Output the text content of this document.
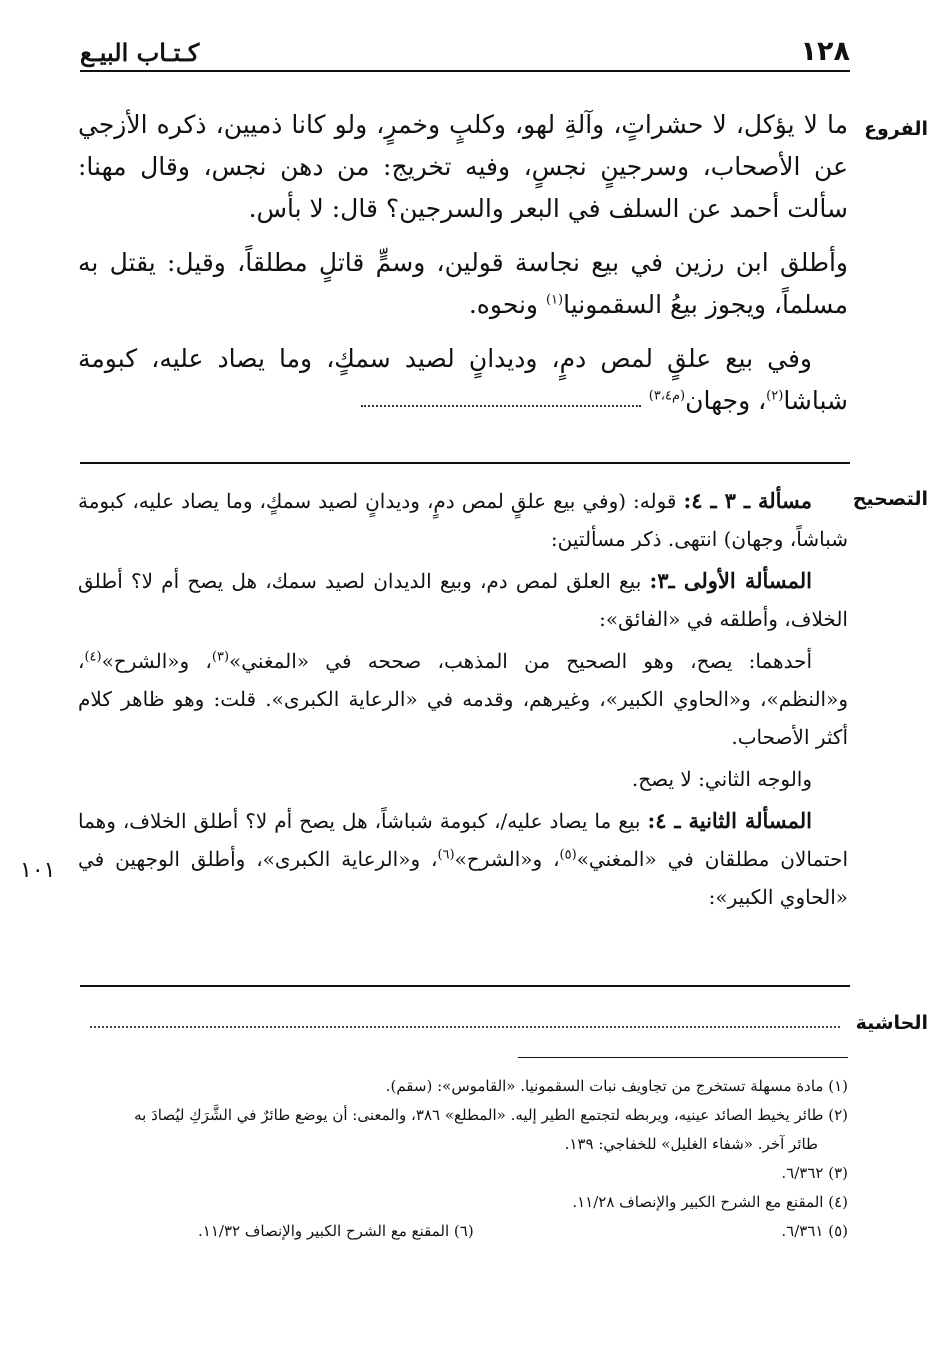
١٢٨
كـتـاب البيـع
الفروع

ما لا يؤكل، لا حشراتٍ، وآلةِ لهو، وكلبٍ وخمرٍ، ولو كانا ذميين، ذكره الأزجي عن الأصحاب، وسرجينٍ نجسٍ، وفيه تخريج: من دهن نجس، وقال مهنا: سألت أحمد عن السلف في البعر والسرجين؟ قال: لا بأس.

وأطلق ابن رزين في بيع نجاسة قولين، وسمٍّ قاتلٍ مطلقاً، وقيل: يقتل به مسلماً، ويجوز بيعُ السقمونيا$^{(١)}$ ونحوه.

وفي بيع علقٍ لمص دمٍ، وديدانٍ لصيد سمكٍ، وما يصاد عليه، كبومة شباشا$^{(٢)}$، وجهان$^{(م٣،٤)}$

التصحيح

مسألة ـ ٣ ـ ٤: قوله: (وفي بيع علقٍ لمص دمٍ، وديدانٍ لصيد سمكٍ، وما يصاد عليه، كبومة شباشاً، وجهان) انتهى. ذكر مسألتين:

المسألة الأولى ـ٣: بيع العلق لمص دم، وبيع الديدان لصيد سمك، هل يصح أم لا؟ أطلق الخلاف، وأطلقه في «الفائق»:

أحدهما: يصح، وهو الصحيح من المذهب، صححه في «المغني»$^{(٣)}$، و«الشرح»$^{(٤)}$، و«النظم»، و«الحاوي الكبير»، وغيرهم، وقدمه في «الرعاية الكبرى». قلت: وهو ظاهر كلام أكثر الأصحاب.

والوجه الثاني: لا يصح.

المسألة الثانية ـ ٤: بيع ما يصاد عليه/، كبومة شباشاً، هل يصح أم لا؟ أطلق الخلاف، وهما احتمالان مطلقان في «المغني»$^{(٥)}$، و«الشرح»$^{(٦)}$، و«الرعاية الكبرى»، وأطلق الوجهين في «الحاوي الكبير»:

١٠١
الحاشية
(١) مادة مسهلة تستخرج من تجاويف نبات السقمونيا. «القاموس»: (سقم).
(٢) طائر يخيط الصائد عينيه، ويربطه لتجتمع الطير إليه. «المطلع» ٣٨٦، والمعنى: أن يوضع طائرٌ في الشَّرَكِ ليُصادَ به
طائر آخر. «شفاء الغليل» للخفاجي: ١٣٩.
(٣) ٦/٣٦٢.
(٤) المقنع مع الشرح الكبير والإنصاف ١١/٢٨.
(٥) ٦/٣٦١.
(٦) المقنع مع الشرح الكبير والإنصاف ١١/٣٢.
